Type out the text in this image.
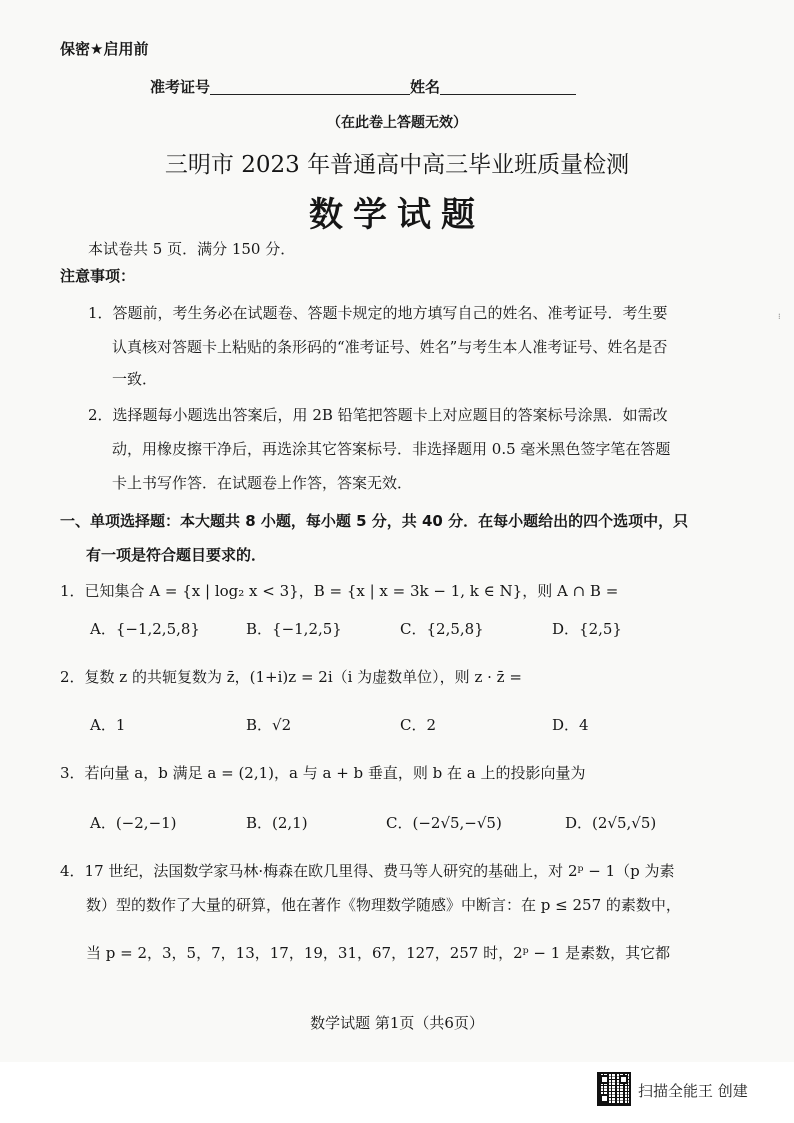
保密★启用前
准考证号	姓名
（在此卷上答题无效）
三明市 2023 年普通高中高三毕业班质量检测
数学试题
本试卷共 5 页．满分 150 分．
注意事项：
1．答题前，考生务必在试题卷、答题卡规定的地方填写自己的姓名、准考证号．考生要
认真核对答题卡上粘贴的条形码的“准考证号、姓名”与考生本人准考证号、姓名是否
一致．
2．选择题每小题选出答案后，用 2B 铅笔把答题卡上对应题目的答案标号涂黑．如需改
动，用橡皮擦干净后，再选涂其它答案标号．非选择题用 0.5 毫米黑色签字笔在答题
卡上书写作答．在试题卷上作答，答案无效．
一、单项选择题：本大题共 8 小题，每小题 5 分，共 40 分．在每小题给出的四个选项中，只
有一项是符合题目要求的．
1．已知集合 A = {x | log₂ x < 3}，B = {x | x = 3k − 1, k ∈ N}，则 A ∩ B =
A．{−1,2,5,8}	B．{−1,2,5}	C．{2,5,8}	D．{2,5}
2．复数 z 的共轭复数为 z̄，(1+i)z = 2i（i 为虚数单位），则 z · z̄ =
A．1	B．√2	C．2	D．4
3．若向量 a，b 满足 a = (2,1)，a 与 a + b 垂直，则 b 在 a 上的投影向量为
A．(−2,−1)	B．(2,1)	C．(−2√5,−√5)	D．(2√5,√5)
4．17 世纪，法国数学家马林·梅森在欧几里得、费马等人研究的基础上，对 2ᵖ − 1（p 为素
数）型的数作了大量的研算，他在著作《物理数学随感》中断言：在 p ≤ 257 的素数中，
当 p = 2，3，5，7，13，17，19，31，67，127，257 时，2ᵖ − 1 是素数，其它都
数学试题 第1页（共6页）
⁝
扫描全能王 创建
